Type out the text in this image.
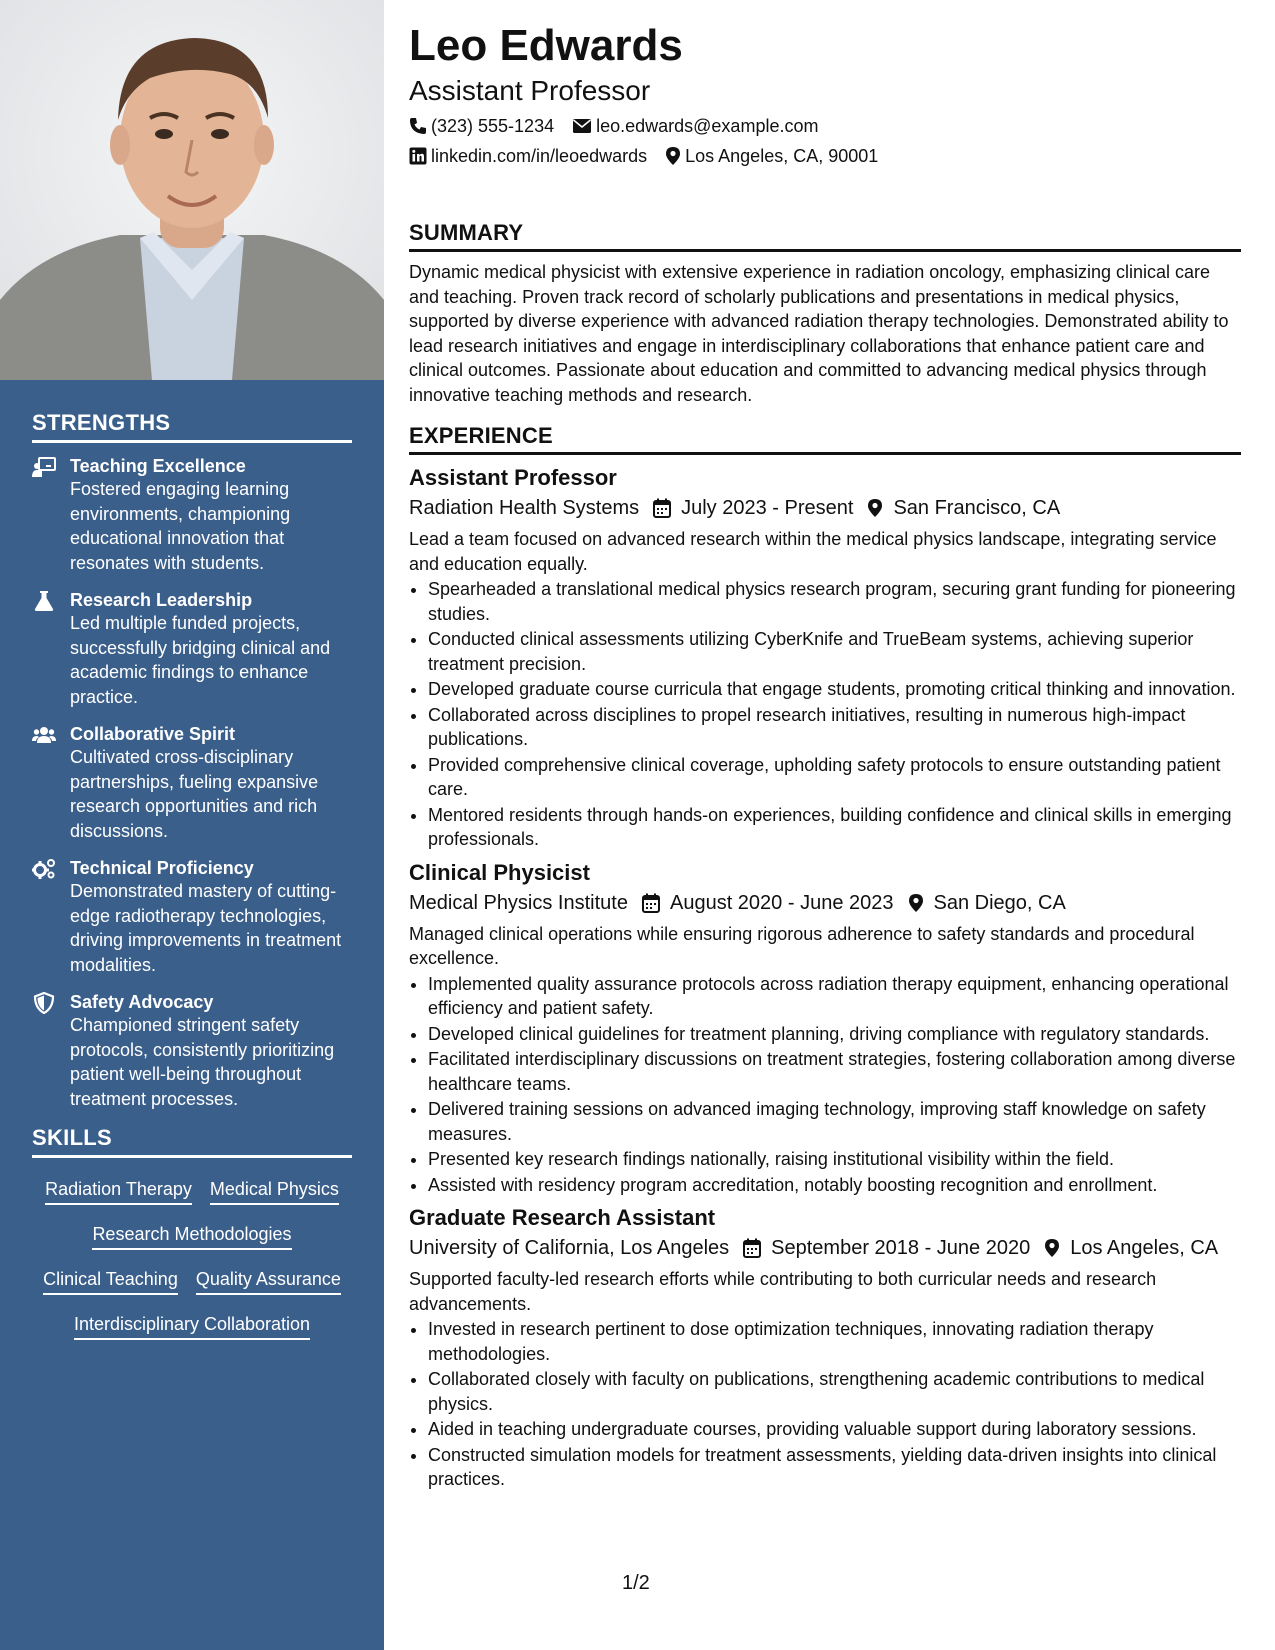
STRENGTHS
Teaching Excellence
Fostered engaging learning environments, championing educational innovation that resonates with students.
Research Leadership
Led multiple funded projects, successfully bridging clinical and academic findings to enhance practice.
Collaborative Spirit
Cultivated cross-disciplinary partnerships, fueling expansive research opportunities and rich discussions.
Technical Proficiency
Demonstrated mastery of cutting-edge radiotherapy technologies, driving improvements in treatment modalities.
Safety Advocacy
Championed stringent safety protocols, consistently prioritizing patient well-being throughout treatment processes.
SKILLS
Radiation Therapy Medical Physics
Research Methodologies
Clinical Teaching Quality Assurance
Interdisciplinary Collaboration
Leo Edwards
Assistant Professor
(323) 555-1234 leo.edwards@example.com
linkedin.com/in/leoedwards Los Angeles, CA, 90001
SUMMARY
Dynamic medical physicist with extensive experience in radiation oncology, emphasizing clinical care and teaching. Proven track record of scholarly publications and presentations in medical physics, supported by diverse experience with advanced radiation therapy technologies. Demonstrated ability to lead research initiatives and engage in interdisciplinary collaborations that enhance patient care and clinical outcomes. Passionate about education and committed to advancing medical physics through innovative teaching methods and research.
EXPERIENCE
Assistant Professor
Radiation Health Systems July 2023 - Present San Francisco, CA
Lead a team focused on advanced research within the medical physics landscape, integrating service and education equally.
• Spearheaded a translational medical physics research program, securing grant funding for pioneering studies.
• Conducted clinical assessments utilizing CyberKnife and TrueBeam systems, achieving superior treatment precision.
• Developed graduate course curricula that engage students, promoting critical thinking and innovation.
• Collaborated across disciplines to propel research initiatives, resulting in numerous high-impact publications.
• Provided comprehensive clinical coverage, upholding safety protocols to ensure outstanding patient care.
• Mentored residents through hands-on experiences, building confidence and clinical skills in emerging professionals.
Clinical Physicist
Medical Physics Institute August 2020 - June 2023 San Diego, CA
Managed clinical operations while ensuring rigorous adherence to safety standards and procedural excellence.
• Implemented quality assurance protocols across radiation therapy equipment, enhancing operational efficiency and patient safety.
• Developed clinical guidelines for treatment planning, driving compliance with regulatory standards.
• Facilitated interdisciplinary discussions on treatment strategies, fostering collaboration among diverse healthcare teams.
• Delivered training sessions on advanced imaging technology, improving staff knowledge on safety measures.
• Presented key research findings nationally, raising institutional visibility within the field.
• Assisted with residency program accreditation, notably boosting recognition and enrollment.
Graduate Research Assistant
University of California, Los Angeles September 2018 - June 2020 Los Angeles, CA
Supported faculty-led research efforts while contributing to both curricular needs and research advancements.
• Invested in research pertinent to dose optimization techniques, innovating radiation therapy methodologies.
• Collaborated closely with faculty on publications, strengthening academic contributions to medical physics.
• Aided in teaching undergraduate courses, providing valuable support during laboratory sessions.
• Constructed simulation models for treatment assessments, yielding data-driven insights into clinical practices.
1/2
